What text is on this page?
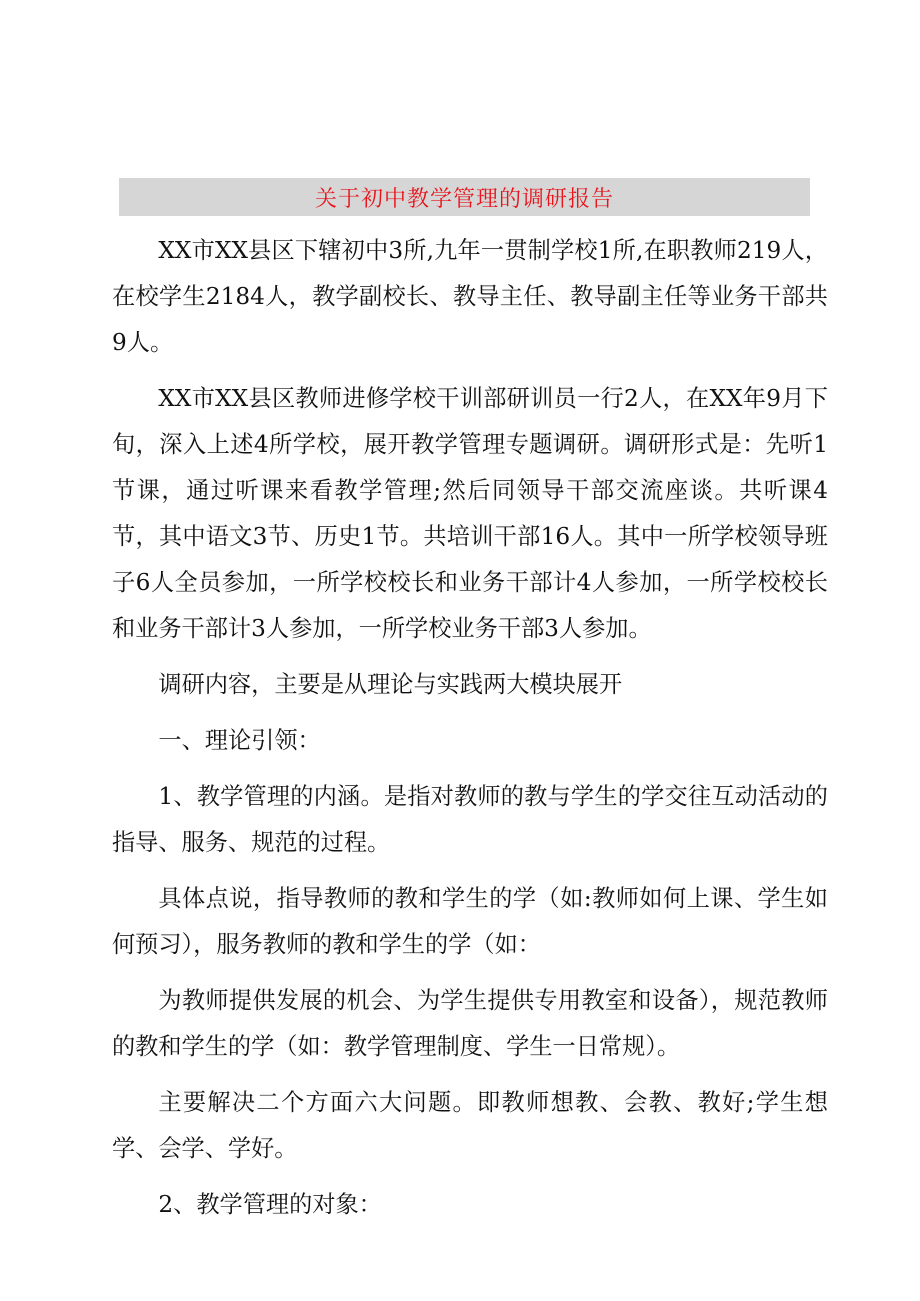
关于初中教学管理的调研报告

XX市XX县区下辖初中3所,九年一贯制学校1所,在职教师219人，在校学生2184人，教学副校长、教导主任、教导副主任等业务干部共9人。

XX市XX县区教师进修学校干训部研训员一行2人，在XX年9月下旬，深入上述4所学校，展开教学管理专题调研。调研形式是：先听1节课，通过听课来看教学管理;然后同领导干部交流座谈。共听课4节，其中语文3节、历史1节。共培训干部16人。其中一所学校领导班子6人全员参加，一所学校校长和业务干部计4人参加，一所学校校长和业务干部计3人参加，一所学校业务干部3人参加。

调研内容，主要是从理论与实践两大模块展开

一、理论引领：

1、教学管理的内涵。是指对教师的教与学生的学交往互动活动的指导、服务、规范的过程。

具体点说，指导教师的教和学生的学（如:教师如何上课、学生如何预习），服务教师的教和学生的学（如：

为教师提供发展的机会、为学生提供专用教室和设备），规范教师的教和学生的学（如：教学管理制度、学生一日常规）。

主要解决二个方面六大问题。即教师想教、会教、教好;学生想学、会学、学好。

2、教学管理的对象：
